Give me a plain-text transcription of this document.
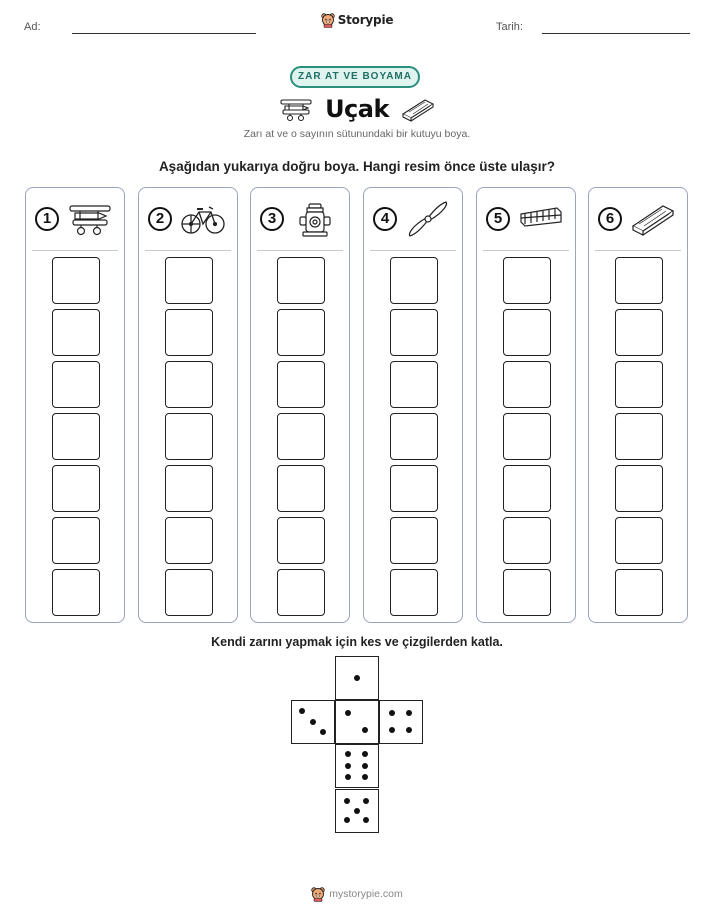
Ad:	Tarih:
Storypie
ZAR AT VE BOYAMA
Uçak
Zarı at ve o sayının sütunundaki bir kutuyu boya.
Aşağıdan yukarıya doğru boya. Hangi resim önce üste ulaşır?
1	2	3	4	5	6
Kendi zarını yapmak için kes ve çizgilerden katla.
mystorypie.com
